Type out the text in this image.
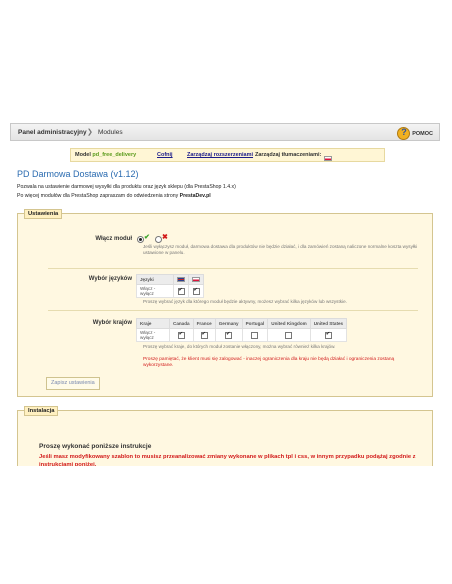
Panel administracyjny ❯ Modules ?	POMOC
Model pd_free_delivery	Cofnij	Zarządzaj rozszerzeniami Zarządzaj tłumaczeniami:
PD Darmowa Dostawa (v1.12)
Pozwala na ustawienie darmowej wysyłki dla produktu oraz język sklepu (dla PrestaShop 1.4.x)
Po więcej modułów dla PrestaShop zapraszam do odwiedzenia strony PrestaDev.pl
Ustawienia
Włącz moduł ✔ ✖
Jeśli wyłączysz moduł, darmowa dostawa dla produktów nie będzie działać, i dla zamówień zostaną naliczone normalne koszta wysyłki ustawione w panelu.
Wybór języków Języki		
Włącz - wyłącz	✔	✔
Proszę wybrać język dla którego moduł będzie aktywny, możesz wybrać kilka języków lub wszystkie.
Wybór krajów Kraje	Canada	France	Germany	Portugal	United Kingdom	United States
Włącz - wyłącz	✔	✔	✔			✔
Proszę wybrać kraje, do których moduł zostanie włączony, można wybrać również kilka krajów.
Proszę pamiętać, że klient musi się zalogować - inaczej ograniczenia dla kraju nie będą działać i ograniczenia zostaną wykorzystane.
Zapisz ustawienia
Instalacja
Proszę wykonać poniższe instrukcje
Jeśli masz modyfikowany szablon to musisz przeanalizować zmiany wykonane w plikach tpl i css, w innym przypadku podążaj zgodnie z instrukcjami poniżej.
